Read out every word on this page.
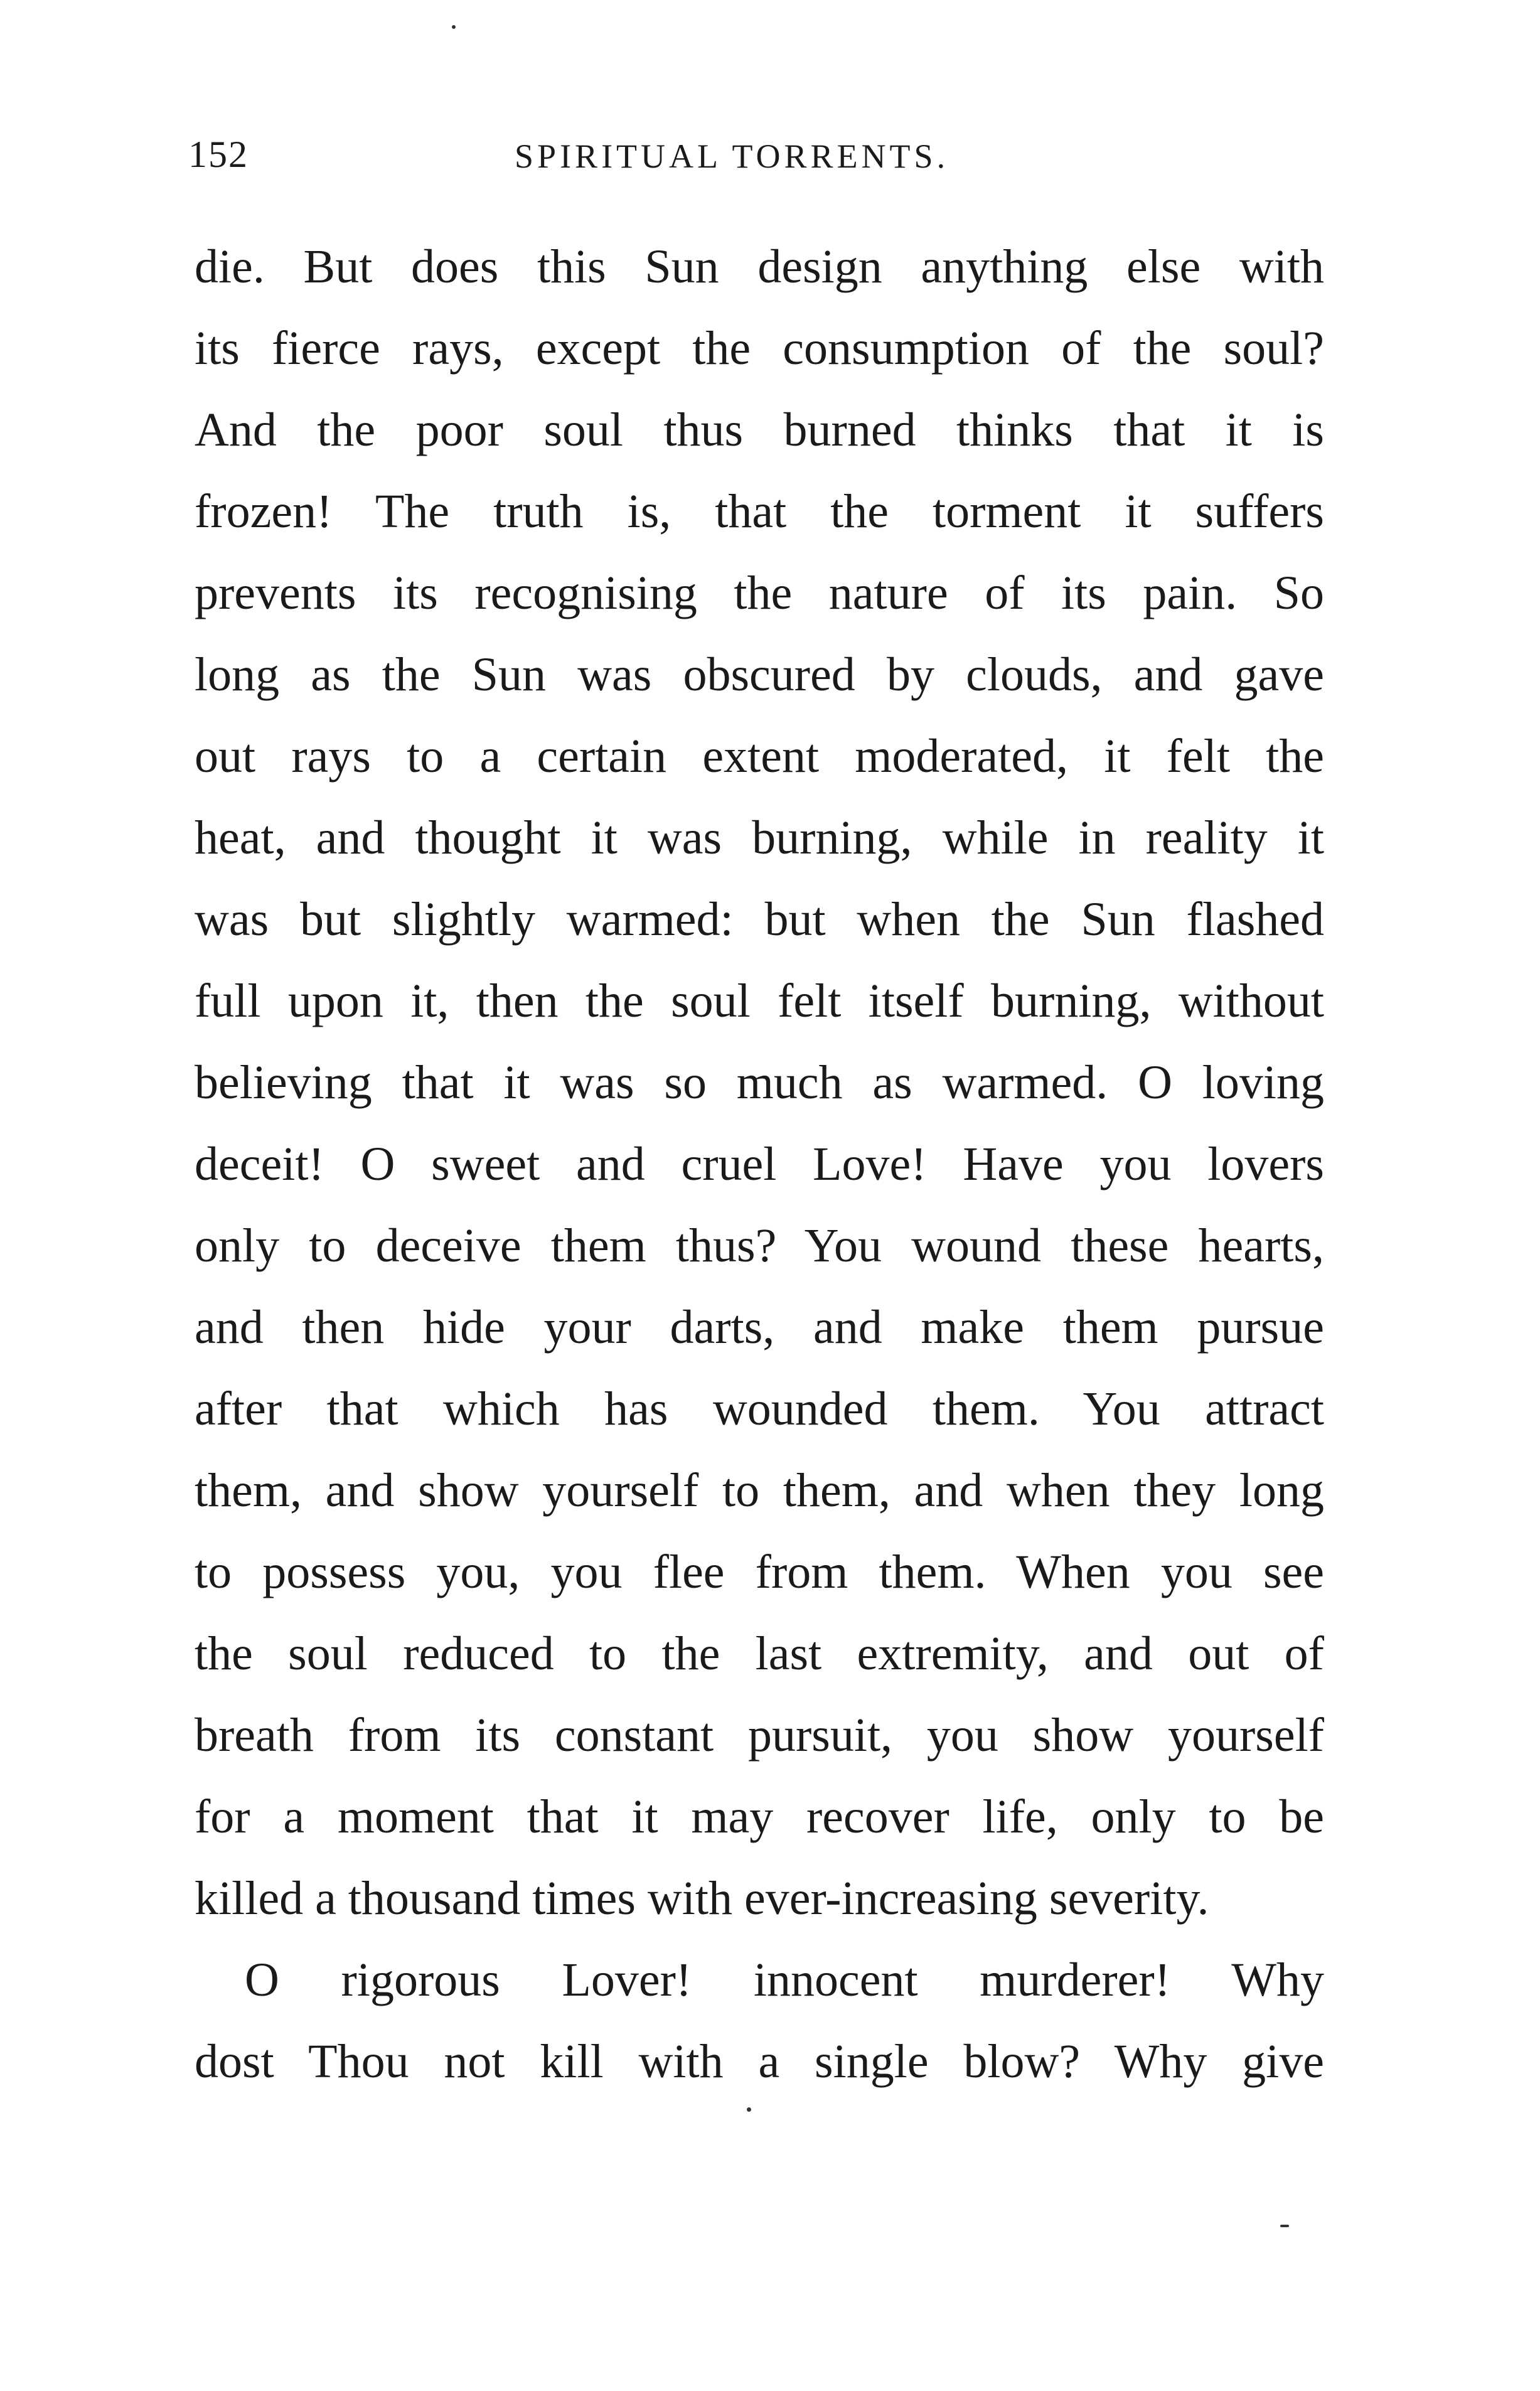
152	SPIRITUAL TORRENTS.
die. But does this Sun design anything else with
its fierce rays, except the consumption of the soul?
And the poor soul thus burned thinks that it is
frozen! The truth is, that the torment it suffers
prevents its recognising the nature of its pain. So
long as the Sun was obscured by clouds, and gave
out rays to a certain extent moderated, it felt the
heat, and thought it was burning, while in reality it
was but slightly warmed: but when the Sun flashed
full upon it, then the soul felt itself burning, without
believing that it was so much as warmed. O loving
deceit! O sweet and cruel Love! Have you lovers
only to deceive them thus? You wound these hearts,
and then hide your darts, and make them pursue
after that which has wounded them. You attract
them, and show yourself to them, and when they long
to possess you, you flee from them. When you see
the soul reduced to the last extremity, and out of
breath from its constant pursuit, you show yourself
for a moment that it may recover life, only to be
killed a thousand times with ever-increasing severity.
O rigorous Lover! innocent murderer! Why
dost Thou not kill with a single blow? Why give
